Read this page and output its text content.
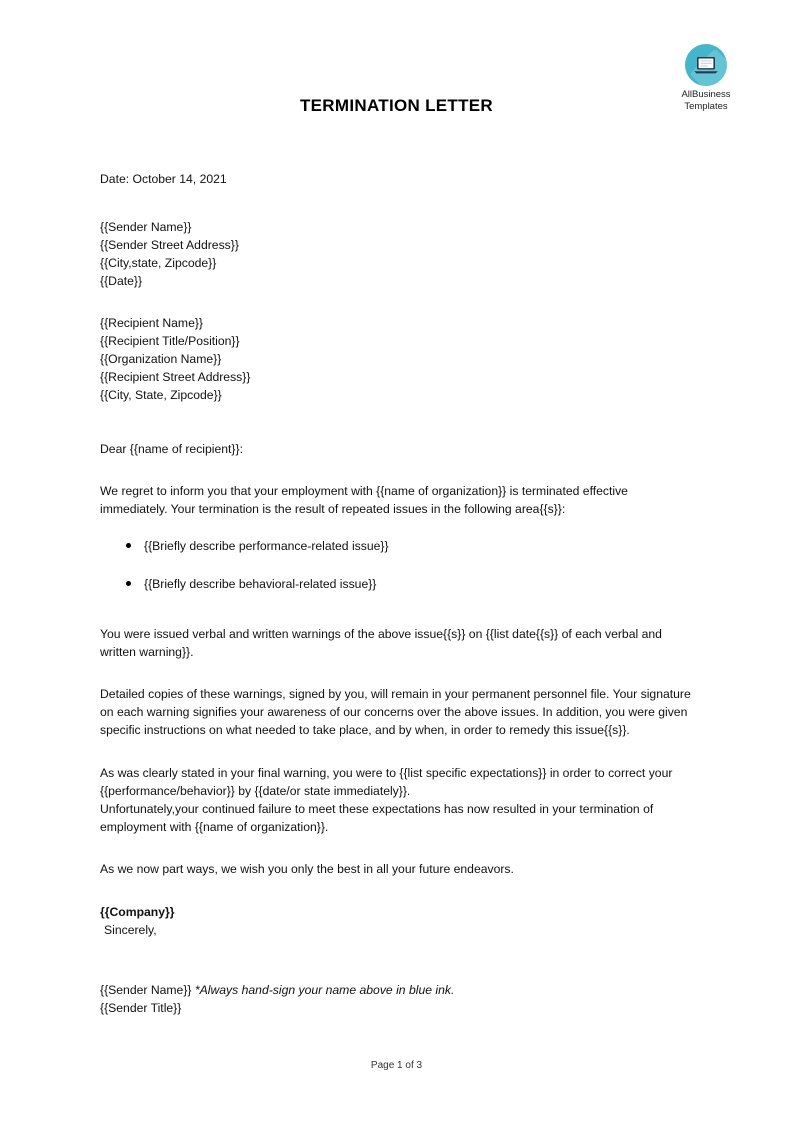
AllBusiness
Templates
TERMINATION LETTER
Date: October 14, 2021
{{Sender Name}}
{{Sender Street Address}}
{{City,state, Zipcode}}
{{Date}}
{{Recipient Name}}
{{Recipient Title/Position}}
{{Organization Name}}
{{Recipient Street Address}}
{{City, State, Zipcode}}

Dear {{name of recipient}}:

We regret to inform you that your employment with {{name of organization}} is terminated effective immediately. Your termination is the result of repeated issues in the following area{{s}}:

{{Briefly describe performance-related issue}}
{{Briefly describe behavioral-related issue}}

You were issued verbal and written warnings of the above issue{{s}} on {{list date{{s}} of each verbal and written warning}}.

Detailed copies of these warnings, signed by you, will remain in your permanent personnel file. Your signature on each warning signifies your awareness of our concerns over the above issues. In addition, you were given specific instructions on what needed to take place, and by when, in order to remedy this issue{{s}}.

As was clearly stated in your final warning, you were to {{list specific expectations}} in order to correct your {{performance/behavior}} by {{date/or state immediately}}.

Unfortunately,your continued failure to meet these expectations has now resulted in your termination of employment with {{name of organization}}.

As we now part ways, we wish you only the best in all your future endeavors.

{{Company}}

Sincerely,

{{Sender Name}} *Always hand-sign your name above in blue ink.
{{Sender Title}}
Page 1 of 3
